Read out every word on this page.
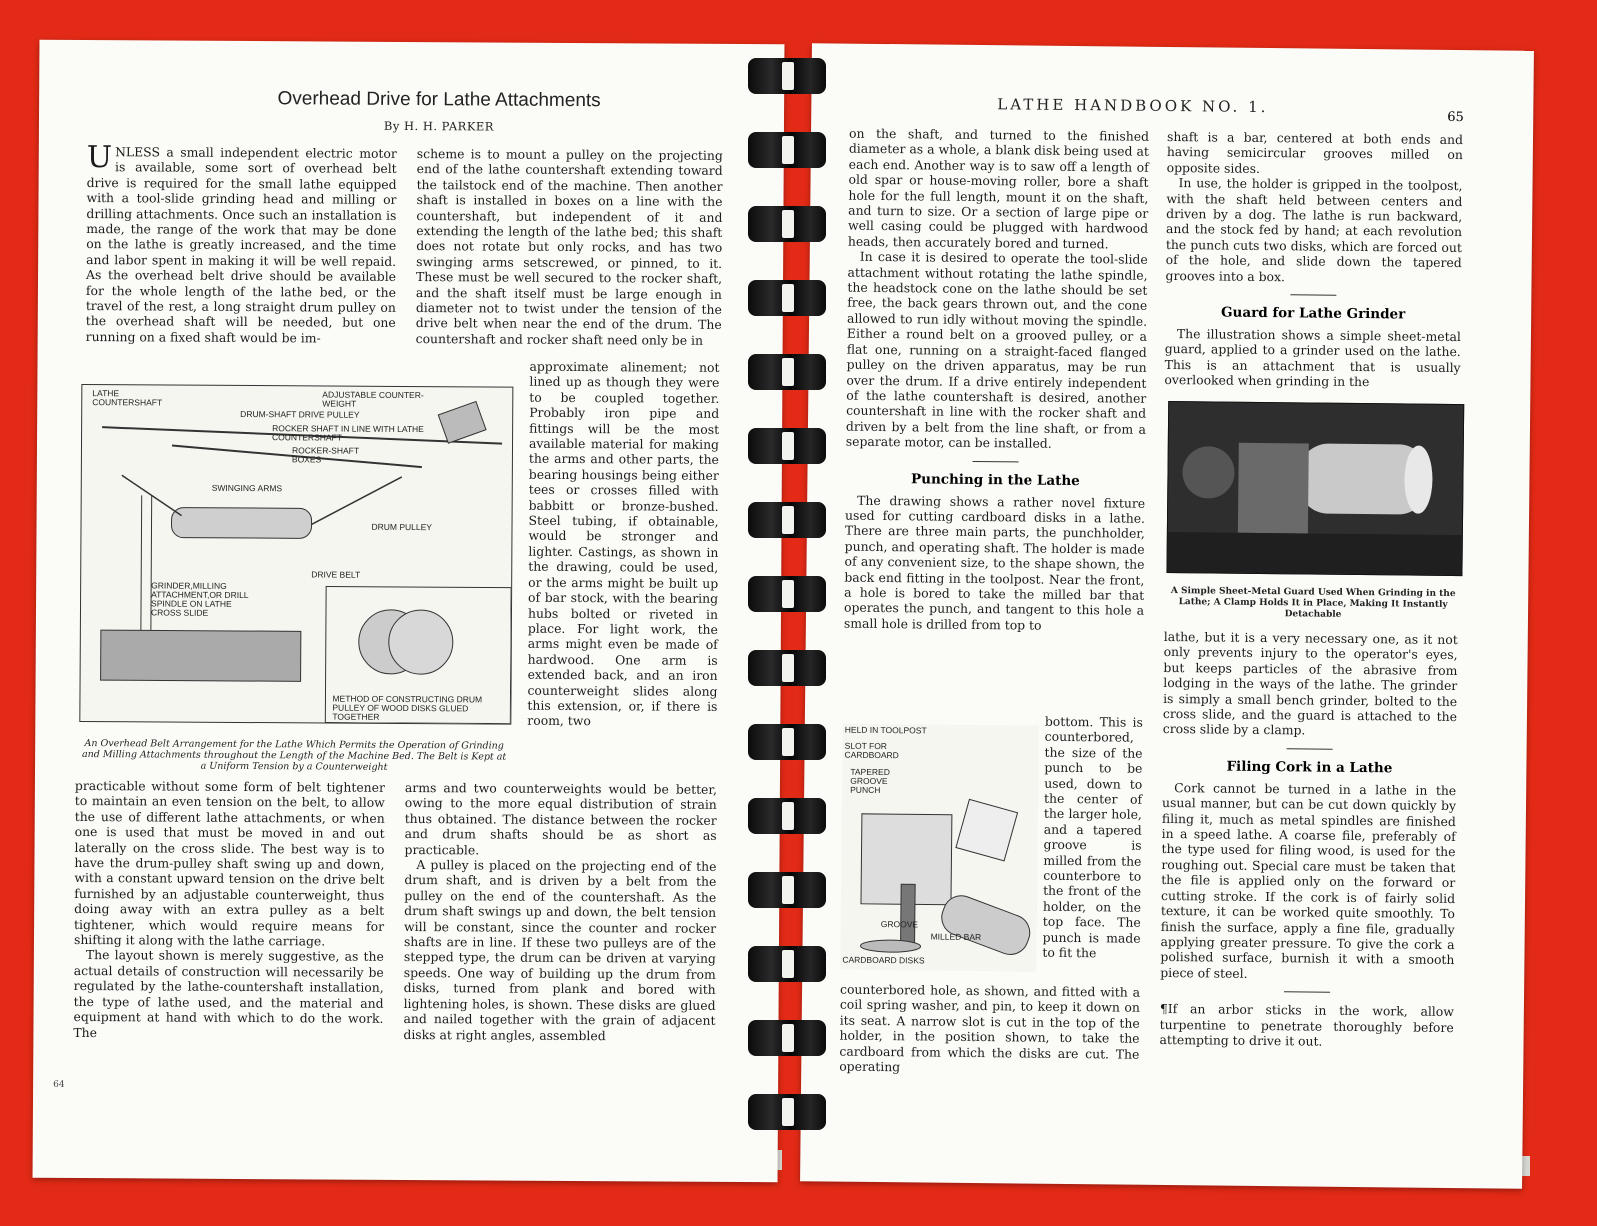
Overhead Drive for Lathe Attachments
By H. H. PARKER

UNLESS a small independent electric motor is available, some sort of overhead belt drive is required for the small lathe equipped with a tool-slide grinding head and milling or drilling attachments. Once such an installation is made, the range of the work that may be done on the lathe is greatly increased, and the time and labor spent in making it will be well repaid. As the overhead belt drive should be available for the whole length of the lathe bed, or the travel of the rest, a long straight drum pulley on the overhead shaft will be needed, but one running on a fixed shaft would be im-

scheme is to mount a pulley on the projecting end of the lathe countershaft extending toward the tailstock end of the machine. Then another shaft is installed in boxes on a line with the countershaft, but independent of it and extending the length of the lathe bed; this shaft does not rotate but only rocks, and has two swinging arms setscrewed, or pinned, to it. These must be well secured to the rocker shaft, and the shaft itself must be large enough in diameter not to twist under the tension of the drive belt when near the end of the drum. The countershaft and rocker shaft need only be in

LATHE COUNTERSHAFT
ADJUSTABLE COUNTER-WEIGHT
DRUM-SHAFT DRIVE PULLEY
ROCKER SHAFT IN LINE WITH LATHE COUNTERSHAFT
ROCKER-SHAFT BOXES
SWINGING ARMS
DRUM PULLEY
DRIVE BELT
GRINDER,MILLING ATTACHMENT,OR DRILL SPINDLE ON LATHE CROSS SLIDE
METHOD OF CONSTRUCTING DRUM PULLEY OF WOOD DISKS GLUED TOGETHER

An Overhead Belt Arrangement for the Lathe Which Permits the Operation of Grinding and Milling Attachments throughout the Length of the Machine Bed. The Belt is Kept at a Uniform Tension by a Counterweight

approximate alinement; not lined up as though they were to be coupled together. Probably iron pipe and fittings will be the most available material for making the arms and other parts, the bearing housings being either tees or crosses filled with babbitt or bronze-bushed. Steel tubing, if obtainable, would be stronger and lighter. Castings, as shown in the drawing, could be used, or the arms might be built up of bar stock, with the bearing hubs bolted or riveted in place. For light work, the arms might even be made of hardwood. One arm is extended back, and an iron counterweight slides along this extension, or, if there is room, two

practicable without some form of belt tightener to maintain an even tension on the belt, to allow the use of different lathe attachments, or when one is used that must be moved in and out laterally on the cross slide. The best way is to have the drum-pulley shaft swing up and down, with a constant upward tension on the drive belt furnished by an adjustable counterweight, thus doing away with an extra pulley as a belt tightener, which would require means for shifting it along with the lathe carriage.

The layout shown is merely suggestive, as the actual details of construction will necessarily be regulated by the lathe-countershaft installation, the type of lathe used, and the material and equipment at hand with which to do the work. The

arms and two counterweights would be better, owing to the more equal distribution of strain thus obtained. The distance between the rocker and drum shafts should be as short as practicable.

A pulley is placed on the projecting end of the drum shaft, and is driven by a belt from the pulley on the end of the countershaft. As the drum shaft swings up and down, the belt tension will be constant, since the counter and rocker shafts are in line. If these two pulleys are of the stepped type, the drum can be driven at varying speeds. One way of building up the drum from disks, turned from plank and bored with lightening holes, is shown. These disks are glued and nailed together with the grain of adjacent disks at right angles, assembled

64
LATHE HANDBOOK NO. 1.
65

on the shaft, and turned to the finished diameter as a whole, a blank disk being used at each end. Another way is to saw off a length of old spar or house-moving roller, bore a shaft hole for the full length, mount it on the shaft, and turn to size. Or a section of large pipe or well casing could be plugged with hardwood heads, then accurately bored and turned.

In case it is desired to operate the tool-slide attachment without rotating the lathe spindle, the headstock cone on the lathe should be set free, the back gears thrown out, and the cone allowed to run idly without moving the spindle. Either a round belt on a grooved pulley, or a flat one, running on a straight-faced flanged pulley on the driven apparatus, may be run over the drum. If a drive entirely independent of the lathe countershaft is desired, another countershaft in line with the rocker shaft and driven by a belt from the line shaft, or from a separate motor, can be installed.

Punching in the Lathe

The drawing shows a rather novel fixture used for cutting cardboard disks in a lathe. There are three main parts, the punchholder, punch, and operating shaft. The holder is made of any convenient size, to the shape shown, the back end fitting in the toolpost. Near the front, a hole is bored to take the milled bar that operates the punch, and tangent to this hole a small hole is drilled from top to

HELD IN TOOLPOST
SLOT FOR CARDBOARD
TAPERED GROOVE PUNCH
GROOVE
MILLED BAR
CARDBOARD DISKS

bottom. This is counterbored, the size of the punch to be used, down to the center of the larger hole, and a tapered groove is milled from the counterbore to the front of the holder, on the top face. The punch is made to fit the

counterbored hole, as shown, and fitted with a coil spring washer, and pin, to keep it down on its seat. A narrow slot is cut in the top of the holder, in the position shown, to take the cardboard from which the disks are cut. The operating

shaft is a bar, centered at both ends and having semicircular grooves milled on opposite sides.

In use, the holder is gripped in the toolpost, with the shaft held between centers and driven by a dog. The lathe is run backward, and the stock fed by hand; at each revolution the punch cuts two disks, which are forced out of the hole, and slide down the tapered grooves into a box.

Guard for Lathe Grinder

The illustration shows a simple sheet-metal guard, applied to a grinder used on the lathe. This is an attachment that is usually overlooked when grinding in the

A Simple Sheet-Metal Guard Used When Grinding in the Lathe; A Clamp Holds It in Place, Making It Instantly Detachable

lathe, but it is a very necessary one, as it not only prevents injury to the operator's eyes, but keeps particles of the abrasive from lodging in the ways of the lathe. The grinder is simply a small bench grinder, bolted to the cross slide, and the guard is attached to the cross slide by a clamp.

Filing Cork in a Lathe

Cork cannot be turned in a lathe in the usual manner, but can be cut down quickly by filing it, much as metal spindles are finished in a speed lathe. A coarse file, preferably of the type used for filing wood, is used for the roughing out. Special care must be taken that the file is applied only on the forward or cutting stroke. If the cork is of fairly solid texture, it can be worked quite smoothly. To finish the surface, apply a fine file, gradually applying greater pressure. To give the cork a polished surface, burnish it with a smooth piece of steel.

¶If an arbor sticks in the work, allow turpentine to penetrate thoroughly before attempting to drive it out.
